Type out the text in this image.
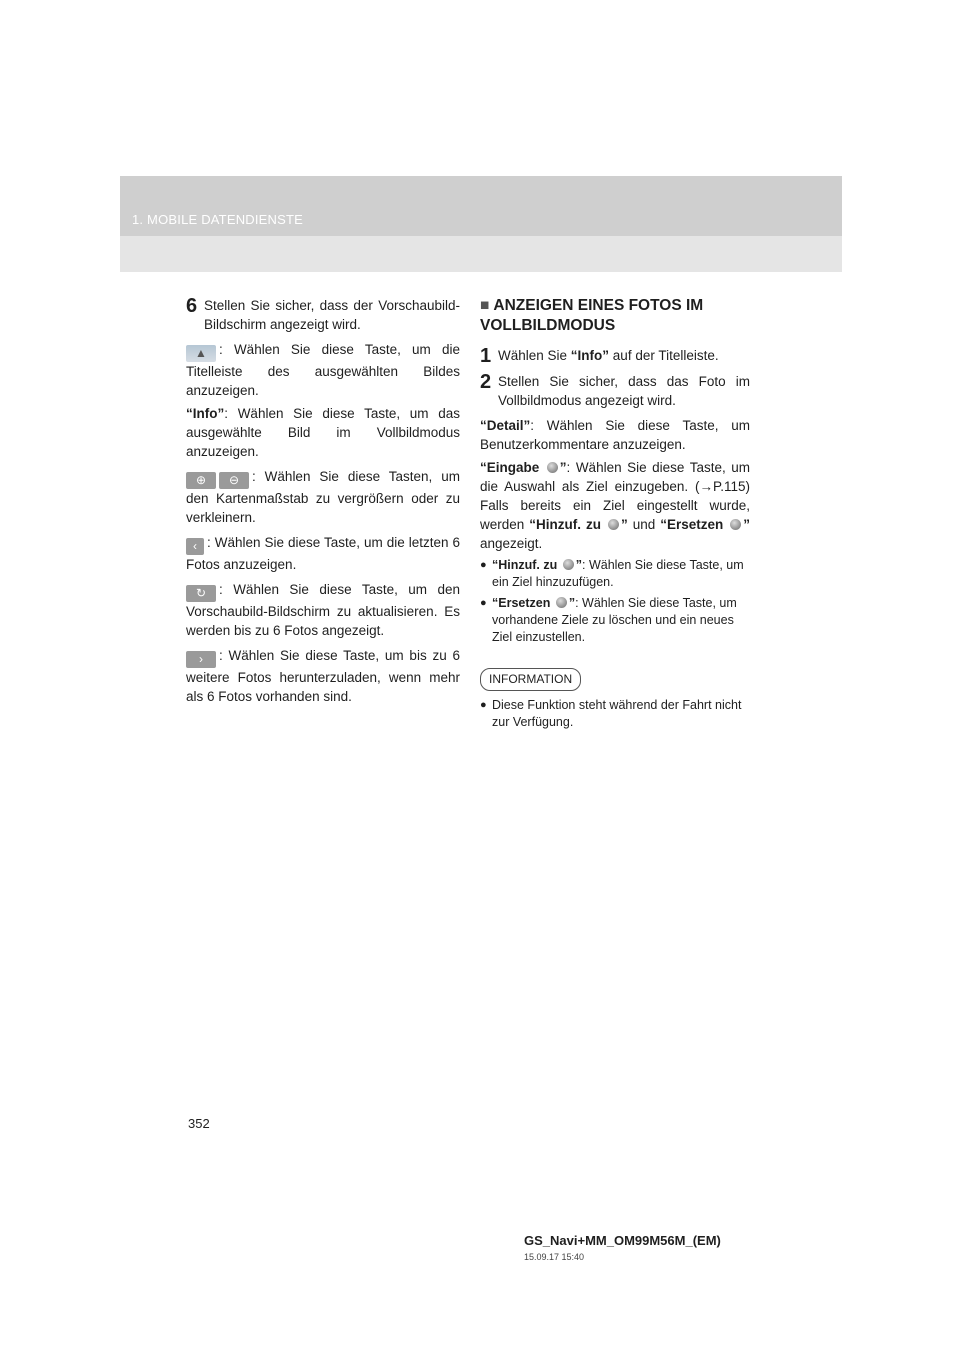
1. MOBILE DATENDIENSTE
6 Stellen Sie sicher, dass der Vorschaubild-Bildschirm angezeigt wird.

▲ : Wählen Sie diese Taste, um die Titelleiste des ausgewählten Bildes anzuzeigen.

“Info”: Wählen Sie diese Taste, um das ausgewählte Bild im Vollbildmodus anzuzeigen.

⊕ ⊖ : Wählen Sie diese Tasten, um den Kartenmaßstab zu vergrößern oder zu verkleinern.

‹ : Wählen Sie diese Taste, um die letzten 6 Fotos anzuzeigen.

↻ : Wählen Sie diese Taste, um den Vorschaubild-Bildschirm zu aktualisieren. Es werden bis zu 6 Fotos angezeigt.

› : Wählen Sie diese Taste, um bis zu 6 weitere Fotos herunterzuladen, wenn mehr als 6 Fotos vorhanden sind.

■ ANZEIGEN EINES FOTOS IM VOLLBILDMODUS
1 Wählen Sie “Info” auf der Titelleiste.
2 Stellen Sie sicher, dass das Foto im Vollbildmodus angezeigt wird.

“Detail”: Wählen Sie diese Taste, um Benutzerkommentare anzuzeigen.

“Eingabe ”: Wählen Sie diese Taste, um die Auswahl als Ziel einzugeben. (→P.115) Falls bereits ein Ziel eingestellt wurde, werden “Hinzuf. zu ” und “Ersetzen ” angezeigt.

● “Hinzuf. zu ”: Wählen Sie diese Taste, um ein Ziel hinzuzufügen.
● “Ersetzen ”: Wählen Sie diese Taste, um vorhandene Ziele zu löschen und ein neues Ziel einzustellen.
INFORMATION
● Diese Funktion steht während der Fahrt nicht zur Verfügung.
352
GS_Navi+MM_OM99M56M_(EM)
15.09.17 15:40
